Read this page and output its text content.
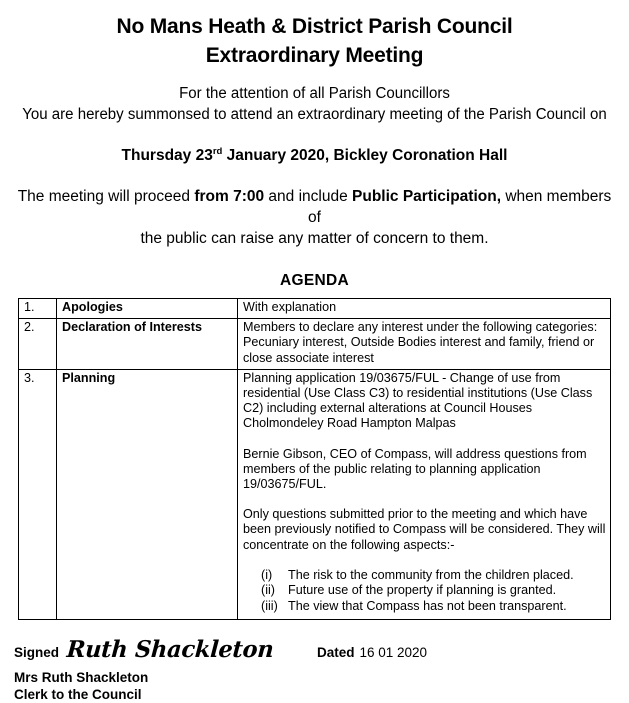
No Mans Heath & District Parish Council
Extraordinary Meeting
For the attention of all Parish Councillors
You are hereby summonsed to attend an extraordinary meeting of the Parish Council on
Thursday 23rd January 2020, Bickley Coronation Hall
The meeting will proceed from 7:00 and include Public Participation, when members of
the public can raise any matter of concern to them.
AGENDA
1.	Apologies	With explanation

2.	Declaration of Interests	Members to declare any interest under the following categories: Pecuniary interest, Outside Bodies interest and family, friend or close associate interest

3.	Planning	Planning application 19/03675/FUL - Change of use from residential (Use Class C3) to residential institutions (Use Class C2) including external alterations at Council Houses Cholmondeley Road Hampton Malpas

Bernie Gibson, CEO of Compass, will address questions from members of the public relating to planning application 19/03675/FUL.

Only questions submitted prior to the meeting and which have been previously notified to Compass will be considered. They will concentrate on the following aspects:-

(i)	The risk to the community from the children placed.
(ii)	Future use of the property if planning is granted.
(iii) The view that Compass has not been transparent.
Signed Ruth Shackleton	Dated 16 01 2020
Mrs Ruth Shackleton
Clerk to the Council
